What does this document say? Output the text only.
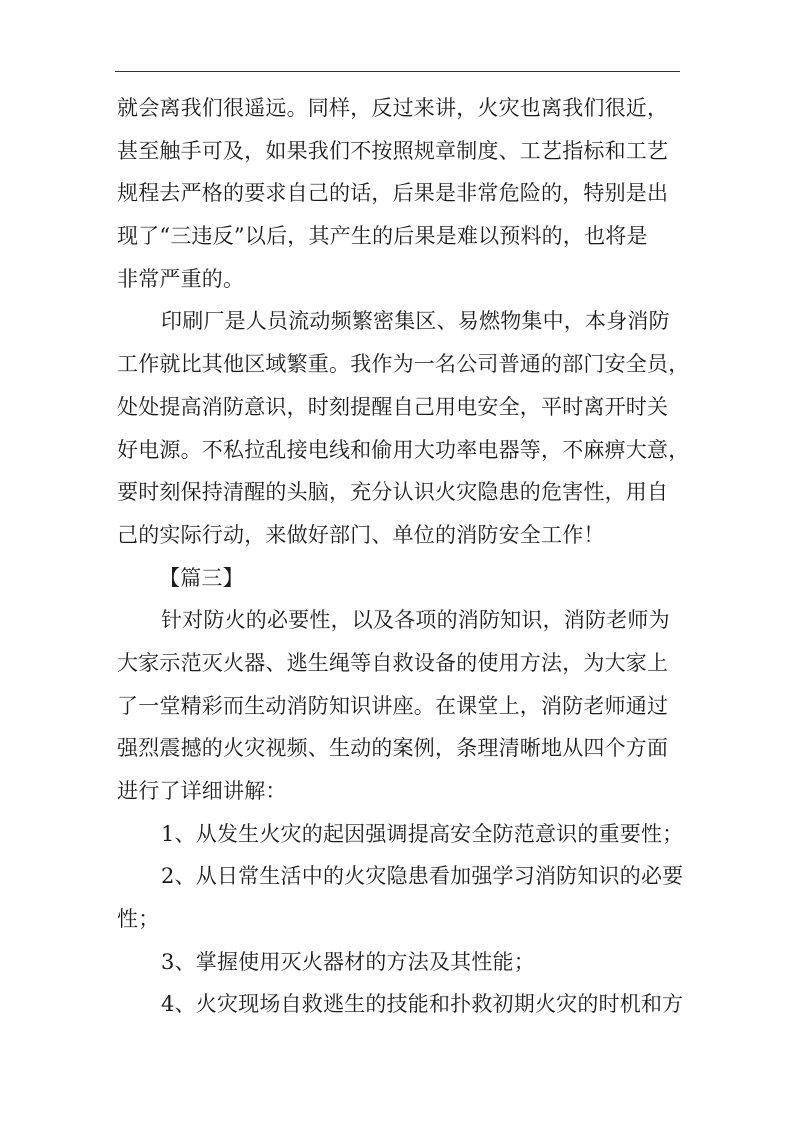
就会离我们很遥远。同样，反过来讲，火灾也离我们很近，
甚至触手可及，如果我们不按照规章制度、工艺指标和工艺
规程去严格的要求自己的话，后果是非常危险的，特别是出
现了“三违反”以后，其产生的后果是难以预料的，也将是
非常严重的。
印刷厂是人员流动频繁密集区、易燃物集中，本身消防
工作就比其他区域繁重。我作为一名公司普通的部门安全员，
处处提高消防意识，时刻提醒自己用电安全，平时离开时关
好电源。不私拉乱接电线和偷用大功率电器等，不麻痹大意，
要时刻保持清醒的头脑，充分认识火灾隐患的危害性，用自
己的实际行动，来做好部门、单位的消防安全工作！
【篇三】
针对防火的必要性，以及各项的消防知识，消防老师为
大家示范灭火器、逃生绳等自救设备的使用方法，为大家上
了一堂精彩而生动消防知识讲座。在课堂上，消防老师通过
强烈震撼的火灾视频、生动的案例，条理清晰地从四个方面
进行了详细讲解：
1、从发生火灾的起因强调提高安全防范意识的重要性；
2、从日常生活中的火灾隐患看加强学习消防知识的必要
性；
3、掌握使用灭火器材的方法及其性能；
4、火灾现场自救逃生的技能和扑救初期火灾的时机和方
